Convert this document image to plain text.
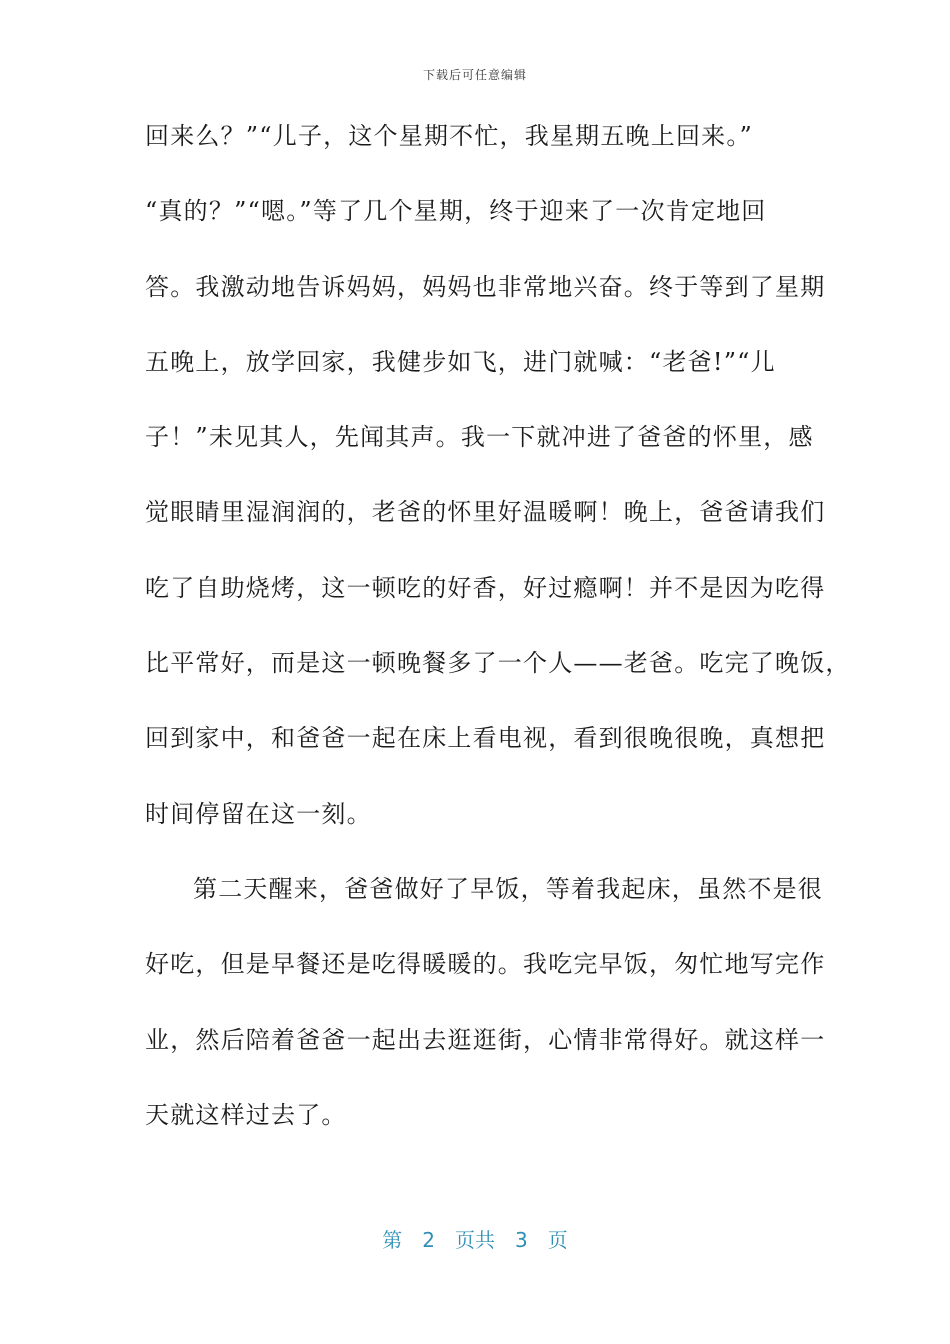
下载后可任意编辑
回来么？”“儿子，这个星期不忙，我星期五晚上回来。”
“真的？”“嗯。”等了几个星期，终于迎来了一次肯定地回
答。我激动地告诉妈妈，妈妈也非常地兴奋。终于等到了星期
五晚上，放学回家，我健步如飞，进门就喊：“老爸!”“儿
子！”未见其人，先闻其声。我一下就冲进了爸爸的怀里，感
觉眼睛里湿润润的，老爸的怀里好温暖啊！晚上，爸爸请我们
吃了自助烧烤，这一顿吃的好香，好过瘾啊！并不是因为吃得
比平常好，而是这一顿晚餐多了一个人——老爸。吃完了晚饭，
回到家中，和爸爸一起在床上看电视，看到很晚很晚，真想把
时间停留在这一刻。
第二天醒来，爸爸做好了早饭，等着我起床，虽然不是很
好吃，但是早餐还是吃得暖暖的。我吃完早饭，匆忙地写完作
业，然后陪着爸爸一起出去逛逛街，心情非常得好。就这样一
天就这样过去了。
第 2 页共 3 页
